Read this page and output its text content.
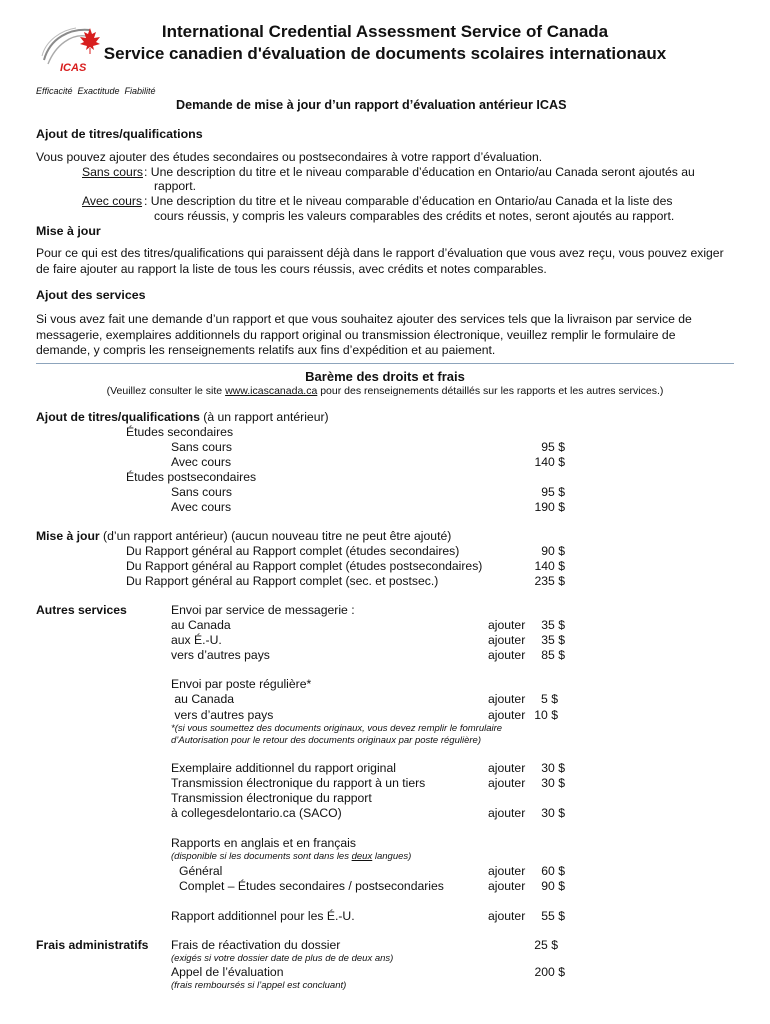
ICAS
International Credential Assessment Service of Canada
Service canadien d'évaluation de documents scolaires internationaux
Efficacité  Exactitude  Fiabilité
Demande de mise à jour d’un rapport d’évaluation antérieur ICAS
Ajout de titres/qualifications
Vous pouvez ajouter des études secondaires ou postsecondaires à votre rapport d’évaluation.
Sans cours : Une description du titre et le niveau comparable d’éducation en Ontario/au Canada seront ajoutés au
rapport.
Avec cours : Une description du titre et le niveau comparable d’éducation en Ontario/au Canada et la liste des
cours réussis, y compris les valeurs comparables des crédits et notes, seront ajoutés au rapport.
Mise à jour
Pour ce qui est des titres/qualifications qui paraissent déjà dans le rapport d’évaluation que vous avez reçu, vous pouvez exiger de faire ajouter au rapport la liste de tous les cours réussis, avec crédits et notes comparables.
Ajout des services
Si vous avez fait une demande d’un rapport et que vous souhaitez ajouter des services tels que la livraison par service de messagerie, exemplaires additionnels du rapport original ou transmission électronique, veuillez remplir le formulaire de demande, y compris les renseignements relatifs aux fins d’expédition et au paiement.
Barème des droits et frais
(Veuillez consulter le site www.icascanada.ca pour des renseignements détaillés sur les rapports et les autres services.)
Ajout de titres/qualifications (à un rapport antérieur)
Études secondaires
Sans cours	95 $
Avec cours	140 $
Études postsecondaires
Sans cours	95 $
Avec cours	190 $
Mise à jour (d’un rapport antérieur) (aucun nouveau titre ne peut être ajouté)
Du Rapport général au Rapport complet (études secondaires)	90 $
Du Rapport général au Rapport complet (études postsecondaires)	140 $
Du Rapport général au Rapport complet (sec. et postsec.)	235 $
Autres services	Envoi par service de messagerie :
au Canada	ajouter	35 $
aux É.-U.	ajouter	35 $
vers d’autres pays	ajouter	85 $
Envoi par poste régulière*
au Canada	ajouter	5 $
vers d’autres pays	ajouter 10 $
*(si vous soumettez des documents originaux, vous devez remplir le fomrulaire
d’Autorisation pour le retour des documents originaux par poste régulière)
Exemplaire additionnel du rapport original	ajouter	30 $
Transmission électronique du rapport à un tiers	ajouter	30 $
Transmission électronique du rapport
à collegesdelontario.ca (SACO)	ajouter	30 $
Rapports en anglais et en français
(disponible si les documents sont dans les deux langues)
Général	ajouter	60 $
Complet – Études secondaires / postsecondaries	ajouter	90 $
Rapport additionnel pour les É.-U.	ajouter	55 $
Frais administratifs Frais de réactivation du dossier	25 $
(exigés si votre dossier date de plus de de deux ans)
Appel de l’évaluation	200 $
(frais remboursés si l’appel est concluant)
